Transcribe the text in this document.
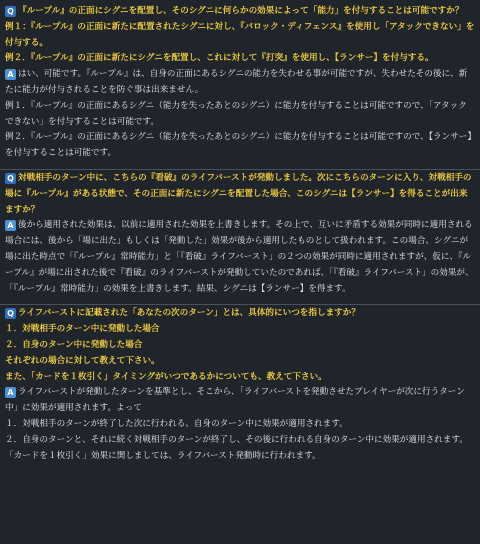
Q 『ループル』の正面にシグニを配置し、そのシグニに何らかの効果によって「能力」を付与することは可能ですか？

例１：『ループル』の正面に新たに配置されたシグニに対し、『バロック・ディフェンス』を使用し「アタックできない」を付与する。

例２．『ループル』の正面に新たにシグニを配置し、これに対して『打突』を使用し、【ランサー】を付与する。

A はい、可能です。『ループル』は、自身の正面にあるシグニの能力を失わせる事が可能ですが、失わせたその後に、新たに能力が付与されることを防ぐ事は出来ません。

例１．『ループル』の正面にあるシグニ（能力を失ったあとのシグニ）に能力を付与することは可能ですので、「アタックできない」を付与することは可能です。

例２．『ループル』の正面にあるシグニ（能力を失ったあとのシグニ）に能力を付与することは可能ですので、【ランサー】を付与することは可能です。

Q 対戦相手のターン中に、こちらの『看破』のライフバーストが発動しました。次にこちらのターンに入り、対戦相手の場に『ループル』がある状態で、その正面に新たにシグニを配置した場合、このシグニは【ランサー】を得ることが出来ますか？

A 後から適用された効果は、以前に適用された効果を上書きします。その上で、互いに矛盾する効果が同時に適用される場合には、後から「場に出た」もしくは「発動した」効果が後から適用したものとして扱われます。この場合、シグニが場に出た時点で「『ループル』常時能力」と「『看破』ライフバースト」の２つの効果が同時に適用されますが、仮に、『ループル』が場に出された後で『看破』のライフバーストが発動していたのであれば、「『看破』ライフバースト」の効果が、「『ループル』常時能力」の効果を上書きします。結果、シグニは【ランサー】を得ます。

Q ライフバーストに記載された「あなたの次のターン」とは、具体的にいつを指しますか？

１．対戦相手のターン中に発動した場合

２．自身のターン中に発動した場合

それぞれの場合に対して教えて下さい。

また、「カードを１枚引く」タイミングがいつであるかについても、教えて下さい。

A ライフバーストが発動したターンを基準とし、そこから、「ライフバーストを発動させたプレイヤーが次に行うターン中」に効果が適用されます。よって

１．対戦相手のターンが終了した次に行われる、自身のターン中に効果が適用されます。

２．自身のターンと、それに続く対戦相手のターンが終了し、その後に行われる自身のターン中に効果が適用されます。

「カードを１枚引く」効果に関しましては、ライフバースト発動時に行われます。
